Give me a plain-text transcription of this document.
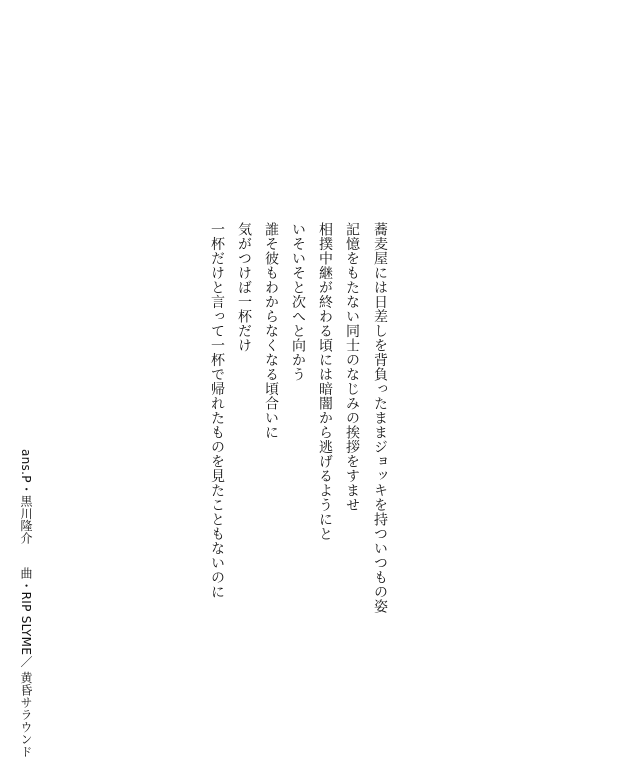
蕎麦屋には日差しを背負ったままジョッキを持ついつもの姿
記憶をもたない同士のなじみの挨拶をすませ
相撲中継が終わる頃には暗闇から逃げるようにと
いそいそと次へと向かう
誰そ彼もわからなくなる頃合いに
気がつけば一杯だけ
一杯だけと言って一杯で帰れたものを見たこともないのに
ans.P・黒川隆介
曲・RIP SLYME／ 黄昏サラウンド
